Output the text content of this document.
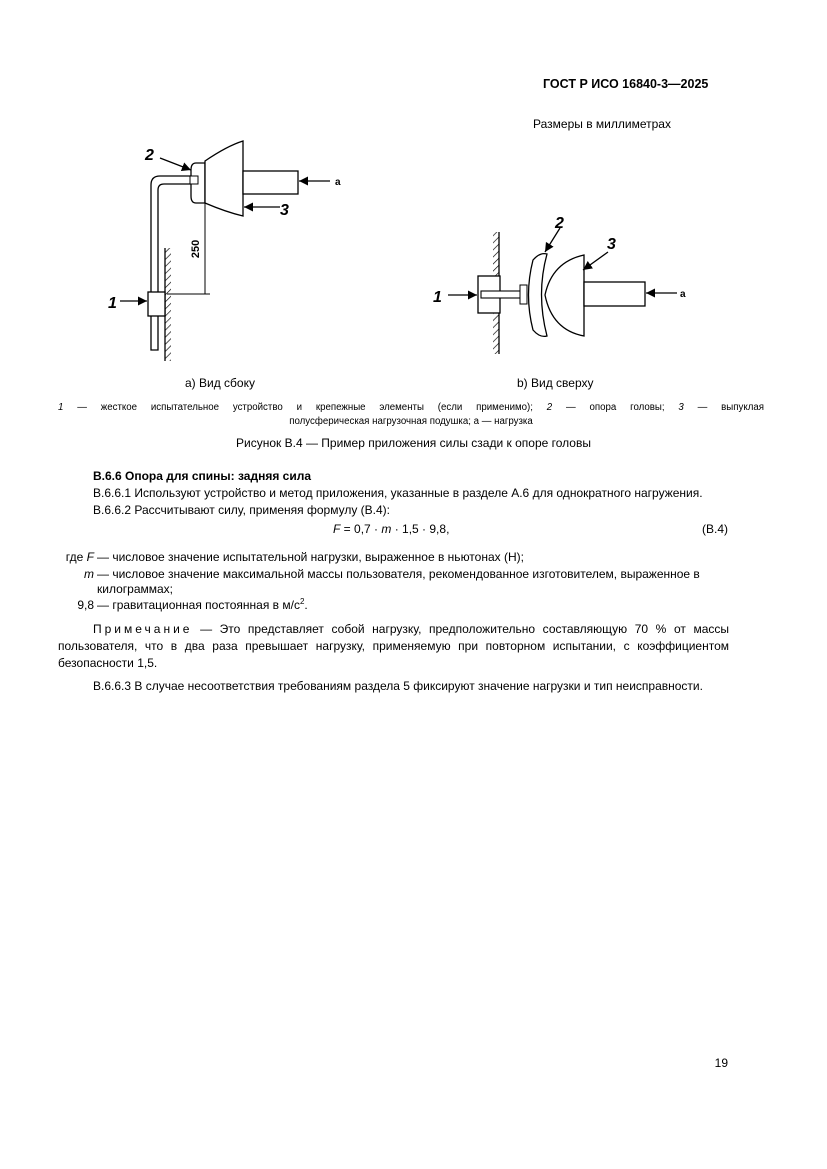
ГОСТ Р ИСО 16840-3—2025
Размеры в миллиметрах
250
2
3
a
1
2
3
a
1
a) Вид сбоку	b) Вид сверху
1 — жесткое испытательное устройство и крепежные элементы (если применимо); 2 — опора головы; 3 — выпуклая
полусферическая нагрузочная подушка; a — нагрузка
Рисунок В.4 — Пример приложения силы сзади к опоре головы
В.6.6 Опора для спины: задняя сила
В.6.6.1 Используют устройство и метод приложения, указанные в разделе А.6 для однократного нагружения.
В.6.6.2 Рассчитывают силу, применяя формулу (В.4):
F = 0,7 · m · 1,5 · 9,8,	(В.4)
где F — числовое значение испытательной нагрузки, выраженное в ньютонах (Н);
m — числовое значение максимальной массы пользователя, рекомендованное изготовителем, выраженное в килограммах;
9,8 — гравитационная постоянная в $м/с^2$.
Примечание — Это представляет собой нагрузку, предположительно составляющую 70 % от массы пользователя, что в два раза превышает нагрузку, применяемую при повторном испытании, с коэффициентом безопасности 1,5.
В.6.6.3 В случае несоответствия требованиям раздела 5 фиксируют значение нагрузки и тип неисправности.
19
